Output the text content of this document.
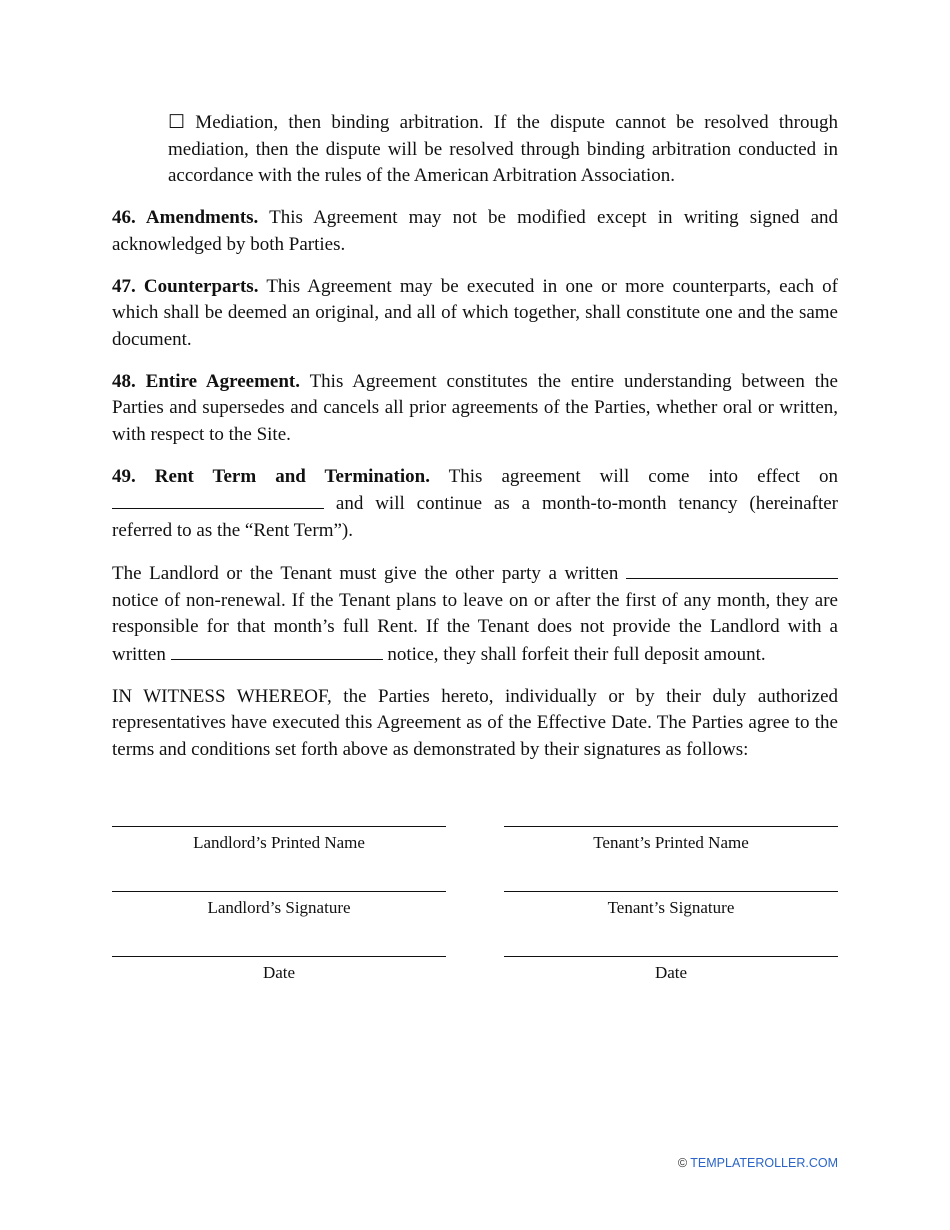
☐ Mediation, then binding arbitration. If the dispute cannot be resolved through mediation, then the dispute will be resolved through binding arbitration conducted in accordance with the rules of the American Arbitration Association.

46. Amendments. This Agreement may not be modified except in writing signed and acknowledged by both Parties.

47. Counterparts. This Agreement may be executed in one or more counterparts, each of which shall be deemed an original, and all of which together, shall constitute one and the same document.

48. Entire Agreement. This Agreement constitutes the entire understanding between the Parties and supersedes and cancels all prior agreements of the Parties, whether oral or written, with respect to the Site.

49. Rent Term and Termination. This agreement will come into effect on  and will continue as a month-to-month tenancy (hereinafter referred to as the “Rent Term”).

The Landlord or the Tenant must give the other party a written  notice of non-renewal. If the Tenant plans to leave on or after the first of any month, they are responsible for that month’s full Rent. If the Tenant does not provide the Landlord with a written	notice, they shall forfeit their full deposit amount.

IN WITNESS WHEREOF, the Parties hereto, individually or by their duly authorized representatives have executed this Agreement as of the Effective Date. The Parties agree to the terms and conditions set forth above as demonstrated by their signatures as follows:

Landlord’s Printed Name	Tenant’s Printed Name
Landlord’s Signature	Tenant’s Signature
Date	Date
© TEMPLATEROLLER.COM
